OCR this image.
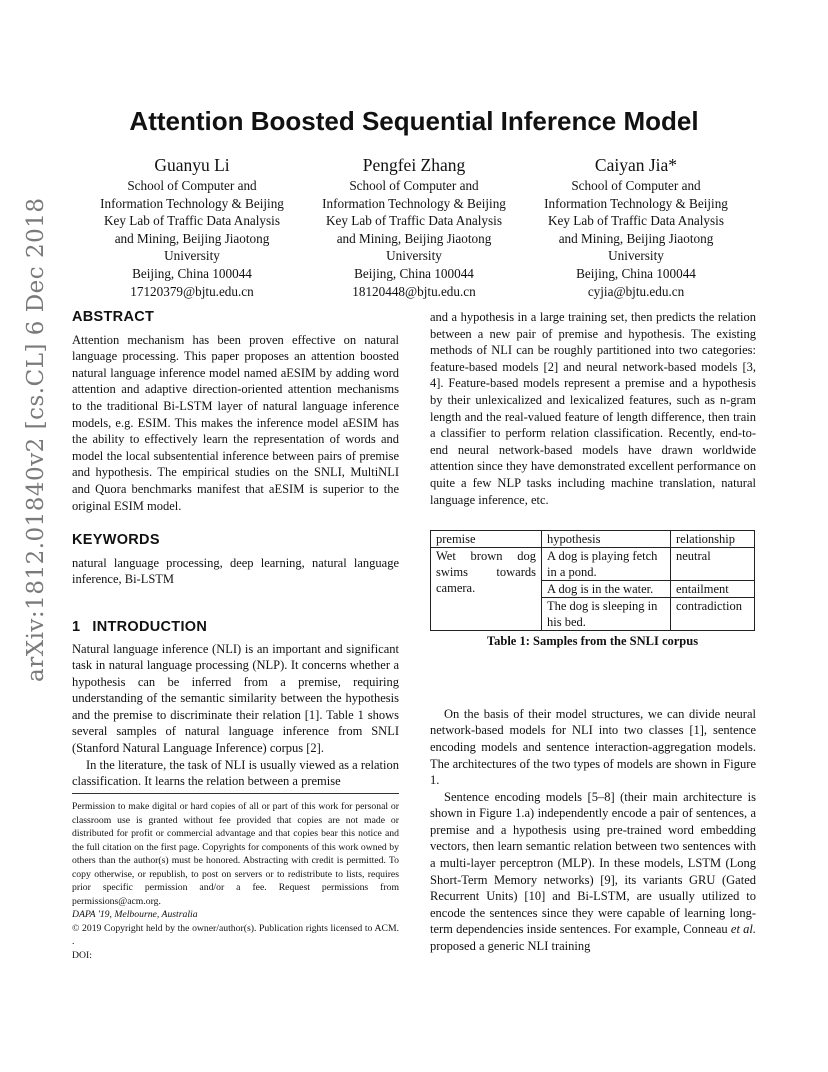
arXiv:1812.01840v2 [cs.CL] 6 Dec 2018
Attention Boosted Sequential Inference Model
Guanyu Li
School of Computer and
Information Technology & Beijing
Key Lab of Traffic Data Analysis
and Mining, Beijing Jiaotong
University
Beijing, China 100044
17120379@bjtu.edu.cn
Pengfei Zhang
School of Computer and
Information Technology & Beijing
Key Lab of Traffic Data Analysis
and Mining, Beijing Jiaotong
University
Beijing, China 100044
18120448@bjtu.edu.cn
Caiyan Jia*
School of Computer and
Information Technology & Beijing
Key Lab of Traffic Data Analysis
and Mining, Beijing Jiaotong
University
Beijing, China 100044
cyjia@bjtu.edu.cn
ABSTRACT

Attention mechanism has been proven effective on natural language processing. This paper proposes an attention boosted natural language inference model named aESIM by adding word attention and adaptive direction-oriented attention mechanisms to the traditional Bi-LSTM layer of natural language inference models, e.g. ESIM. This makes the inference model aESIM has the ability to effectively learn the representation of words and model the local subsentential inference between pairs of premise and hypothesis. The empirical studies on the SNLI, MultiNLI and Quora benchmarks manifest that aESIM is superior to the original ESIM model.

KEYWORDS

natural language processing, deep learning, natural language inference, Bi-LSTM

1 INTRODUCTION

Natural language inference (NLI) is an important and significant task in natural language processing (NLP). It concerns whether a hypothesis can be inferred from a premise, requiring understanding of the semantic similarity between the hypothesis and the premise to discriminate their relation [1]. Table 1 shows several samples of natural language inference from SNLI (Stanford Natural Language Inference) corpus [2].

In the literature, the task of NLI is usually viewed as a relation classification. It learns the relation between a premise

Permission to make digital or hard copies of all or part of this work for personal or classroom use is granted without fee provided that copies are not made or distributed for profit or commercial advantage and that copies bear this notice and the full citation on the first page. Copyrights for components of this work owned by others than the author(s) must be honored. Abstracting with credit is permitted. To copy otherwise, or republish, to post on servers or to redistribute to lists, requires prior specific permission and/or a fee. Request permissions from permissions@acm.org.

DAPA '19, Melbourne, Australia

© 2019 Copyright held by the owner/author(s). Publication rights licensed to ACM. .

DOI:

and a hypothesis in a large training set, then predicts the relation between a new pair of premise and hypothesis. The existing methods of NLI can be roughly partitioned into two categories: feature-based models [2] and neural network-based models [3, 4]. Feature-based models represent a premise and a hypothesis by their unlexicalized and lexicalized features, such as n-gram length and the real-valued feature of length difference, then train a classifier to perform relation classification. Recently, end-to-end neural network-based models have drawn worldwide attention since they have demonstrated excellent performance on quite a few NLP tasks including machine translation, natural language inference, etc.

premise	hypothesis	relationship
Wet brown dog swims towards camera.	A dog is playing fetch in a pond.	neutral
	A dog is in the water.	entailment
	The dog is sleeping in his bed.	contradiction
Table 1: Samples from the SNLI corpus

On the basis of their model structures, we can divide neural network-based models for NLI into two classes [1], sentence encoding models and sentence interaction-aggregation models. The architectures of the two types of models are shown in Figure 1.

Sentence encoding models [5–8] (their main architecture is shown in Figure 1.a) independently encode a pair of sentences, a premise and a hypothesis using pre-trained word embedding vectors, then learn semantic relation between two sentences with a multi-layer perceptron (MLP). In these models, LSTM (Long Short-Term Memory networks) [9], its variants GRU (Gated Recurrent Units) [10] and Bi-LSTM, are usually utilized to encode the sentences since they were capable of learning long-term dependencies inside sentences. For example, Conneau et al. proposed a generic NLI training
